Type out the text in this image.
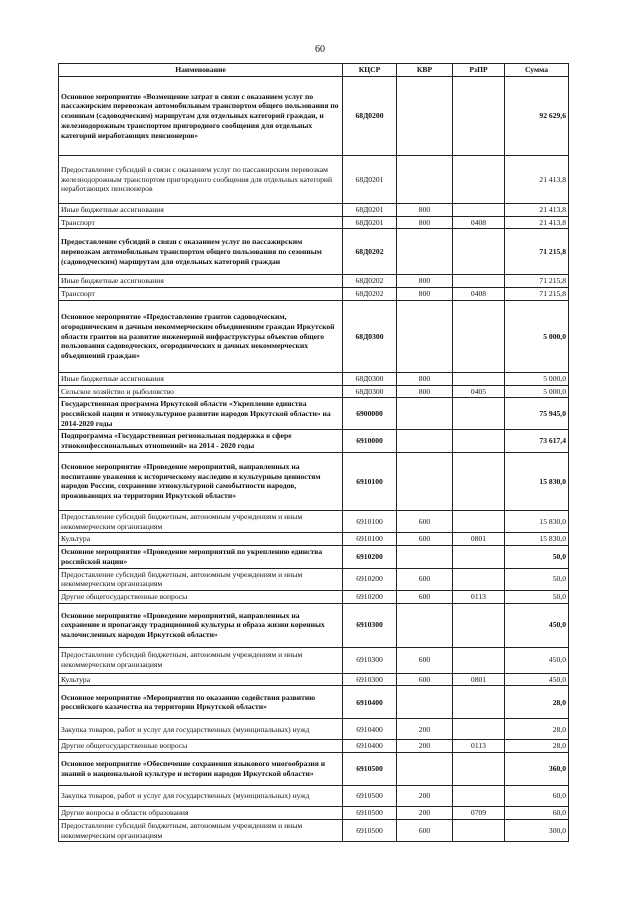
60
Наименование	КЦСР	КВР	РзПР	Сумма
Основное мероприятие «Возмещение затрат в связи с оказанием услуг по пассажирским перевозкам автомобильным транспортом общего пользования по сезонным (садоводческим) маршрутам для отдельных категорий граждан, и железнодорожным транспортом пригородного сообщения для отдельных категорий неработающих пенсионеров»	68Д0200			92 629,6
Предоставление субсидий в связи с оказанием услуг по пассажирским перевозкам железнодорожным транспортом пригородного сообщения для отдельных категорий неработающих пенсионеров	68Д0201			21 413,8
Иные бюджетные ассигнования	68Д0201	800		21 413,8
Транспорт	68Д0201	800	0408	21 413,8
Предоставление субсидий в связи с оказанием услуг по пассажирским перевозкам автомобильным транспортом общего пользования по сезонным (садоводческим) маршрутам для отдельных категорий граждан	68Д0202			71 215,8
Иные бюджетные ассигнования	68Д0202	800		71 215,8
Транспорт	68Д0202	800	0408	71 215,8
Основное мероприятие «Предоставление грантов садоводческим, огородническим и дачным некоммерческим объединениям граждан Иркутской области грантов на развитие инженерной инфраструктуры объектов общего пользования садоводческих, огороднических и дачных некоммерческих объединений граждан»	68Д0300			5 000,0
Иные бюджетные ассигнования	68Д0300	800		5 000,0
Сельское хозяйство и рыболовство	68Д0300	800	0405	5 000,0
Государственная программа Иркутской области «Укрепление единства российской нации и этнокультурное развитие народов Иркутской области» на 2014-2020 годы	6900000			75 945,0
Подпрограмма «Государственная региональная поддержка в сфере этноконфессиональных отношений» на 2014 - 2020 годы	6910000			73 617,4
Основное мероприятие «Проведение мероприятий, направленных на воспитание уважения к историческому наследию и культурным ценностям народов России, сохранение этнокультурной самобытности народов, проживающих на территории Иркутской области»	6910100			15 830,0
Предоставление субсидий бюджетным, автономным учреждениям и иным некоммерческим организациям	6910100	600		15 830,0
Культура	6910100	600	0801	15 830,0
Основное мероприятие «Проведение мероприятий по укреплению единства российской нации»	6910200			50,0
Предоставление субсидий бюджетным, автономным учреждениям и иным некоммерческим организациям	6910200	600		50,0
Другие общегосударственные вопросы	6910200	600	0113	50,0
Основное мероприятие «Проведение мероприятий, направленных на сохранение и пропаганду традиционной культуры и образа жизни коренных малочисленных народов Иркутской области»	6910300			450,0
Предоставление субсидий бюджетным, автономным учреждениям и иным некоммерческим организациям	6910300	600		450,0
Культура	6910300	600	0801	450,0
Основное мероприятие «Мероприятия по оказанию содействия развитию российского казачества на территории Иркутской области»	6910400			28,0
Закупка товаров, работ и услуг для государственных (муниципальных) нужд	6910400	200		28,0
Другие общегосударственные вопросы	6910400	200	0113	28,0
Основное мероприятие «Обеспечение сохранения языкового многообразия и знаний о национальной культуре и истории народов Иркутской области»	6910500			360,0
Закупка товаров, работ и услуг для государственных (муниципальных) нужд	6910500	200		60,0
Другие вопросы в области образования	6910500	200	0709	60,0
Предоставление субсидий бюджетным, автономным учреждениям и иным некоммерческим организациям	6910500	600		300,0
